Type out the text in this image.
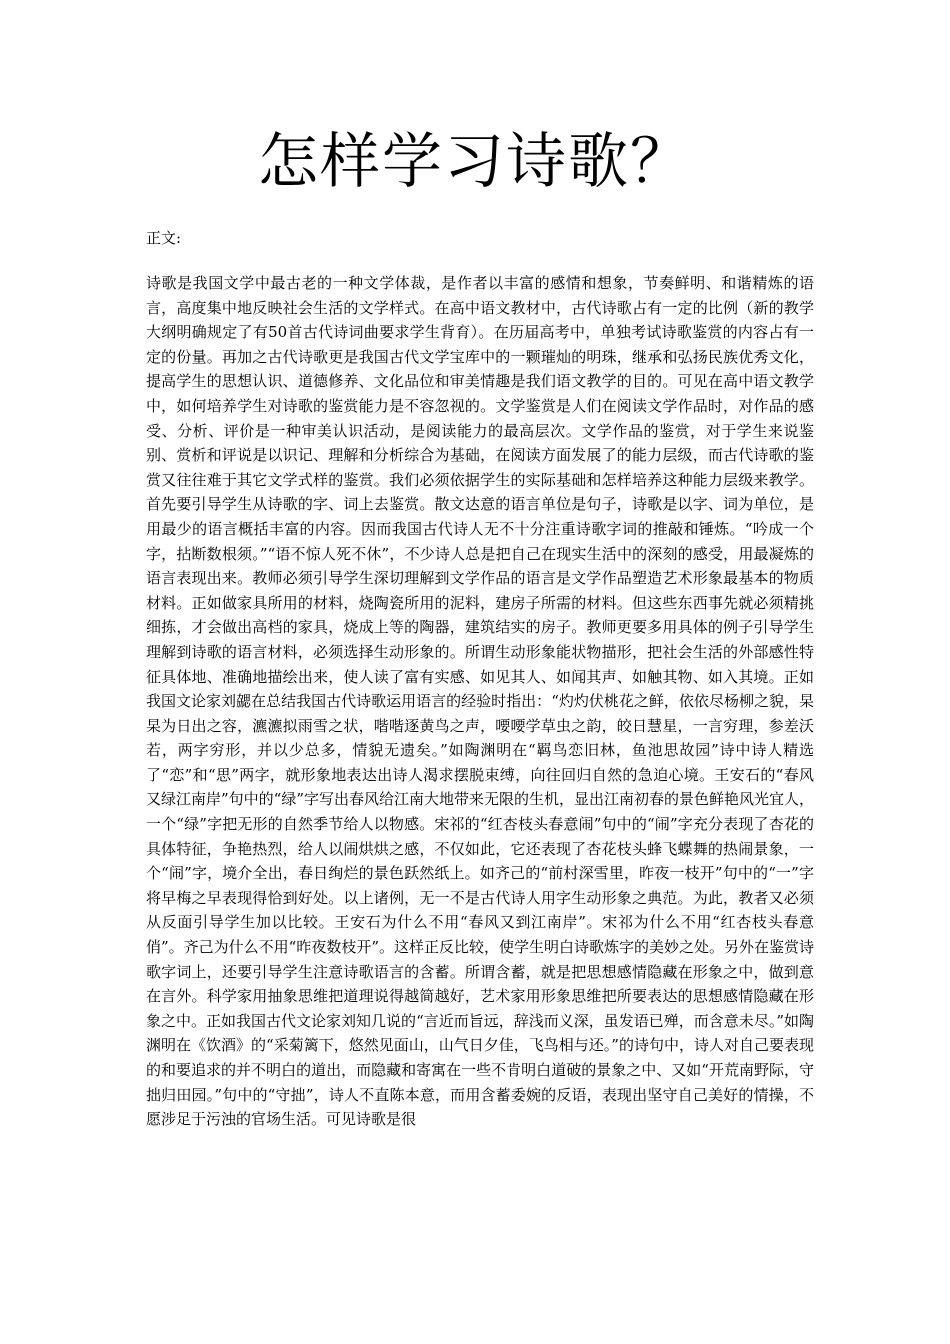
怎样学习诗歌？

正文:

诗歌是我国文学中最古老的一种文学体裁，是作者以丰富的感情和想象，节奏鲜明、和谐精炼的语言，高度集中地反映社会生活的文学样式。在高中语文教材中，古代诗歌占有一定的比例（新的教学大纲明确规定了有50首古代诗词曲要求学生背育）。在历届高考中，单独考试诗歌鉴赏的内容占有一定的份量。再加之古代诗歌更是我国古代文学宝库中的一颗璀灿的明珠，继承和弘扬民族优秀文化，提高学生的思想认识、道德修养、文化品位和审美情趣是我们语文教学的目的。可见在高中语文教学中，如何培养学生对诗歌的鉴赏能力是不容忽视的。文学鉴赏是人们在阅读文学作品时，对作品的感受、分析、评价是一种审美认识活动，是阅读能力的最高层次。文学作品的鉴赏，对于学生来说鉴别、赏析和评说是以识记、理解和分析综合为基础，在阅读方面发展了的能力层级，而古代诗歌的鉴赏又往往难于其它文学式样的鉴赏。我们必须依据学生的实际基础和怎样培养这种能力层级来教学。首先要引导学生从诗歌的字、词上去鉴赏。散文达意的语言单位是句子，诗歌是以字、词为单位，是用最少的语言概括丰富的内容。因而我国古代诗人无不十分注重诗歌字词的推敲和锤炼。“吟成一个字，拈断数根须。”“语不惊人死不休”，不少诗人总是把自己在现实生活中的深刻的感受，用最凝炼的语言表现出来。教师必须引导学生深切理解到文学作品的语言是文学作品塑造艺术形象最基本的物质材料。正如做家具所用的材料，烧陶瓷所用的泥料，建房子所需的材料。但这些东西事先就必须精挑细拣，才会做出高档的家具，烧成上等的陶器，建筑结实的房子。教师更要多用具体的例子引导学生理解到诗歌的语言材料，必须选择生动形象的。所谓生动形象能状物描形，把社会生活的外部感性特征具体地、准确地描绘出来，使人读了富有实感、如见其人、如闻其声、如触其物、如入其境。正如我国文论家刘勰在总结我国古代诗歌运用语言的经验时指出：“灼灼伏桃花之鲜，依依尽杨柳之貌，杲杲为日出之容，瀌瀌拟雨雪之状，喈喈逐黄鸟之声，喓喓学草虫之韵，皎日慧星，一言穷理，参差沃若，两字穷形，并以少总多，情貌无遗矣。”如陶渊明在“羁鸟恋旧林，鱼池思故园”诗中诗人精选了“恋”和“思”两字，就形象地表达出诗人渴求摆脱束缚，向往回归自然的急迫心境。王安石的“春风又绿江南岸”句中的“绿”字写出春风给江南大地带来无限的生机，显出江南初春的景色鲜艳风光宜人，一个“绿”字把无形的自然季节给人以物感。宋祁的“红杏枝头春意闹”句中的“闹”字充分表现了杏花的具体特征，争艳热烈，给人以闹烘烘之感，不仅如此，它还表现了杏花枝头蜂飞蝶舞的热闹景象，一个“闹”字，境介全出，春日绚烂的景色跃然纸上。如齐己的“前村深雪里，昨夜一枝开”句中的“一”字将早梅之早表现得恰到好处。以上诸例，无一不是古代诗人用字生动形象之典范。为此，教者又必须从反面引导学生加以比较。王安石为什么不用“春风又到江南岸”。宋祁为什么不用“红杏枝头春意俏”。齐己为什么不用“昨夜数枝开”。这样正反比较，使学生明白诗歌炼字的美妙之处。另外在鉴赏诗歌字词上，还要引导学生注意诗歌语言的含蓄。所谓含蓄，就是把思想感情隐藏在形象之中，做到意在言外。科学家用抽象思维把道理说得越简越好，艺术家用形象思维把所要表达的思想感情隐藏在形象之中。正如我国古代文论家刘知几说的“言近而旨远，辞浅而义深，虽发语已殚，而含意未尽。”如陶渊明在《饮酒》的“采菊篱下，悠然见面山，山气日夕佳，飞鸟相与还。”的诗句中，诗人对自己要表现的和要追求的并不明白的道出，而隐藏和寄寓在一些不肯明白道破的景象之中、又如“开荒南野际，守拙归田园。”句中的“守拙”，诗人不直陈本意，而用含蓄委婉的反语，表现出坚守自己美好的情操，不愿涉足于污浊的官场生活。可见诗歌是很
